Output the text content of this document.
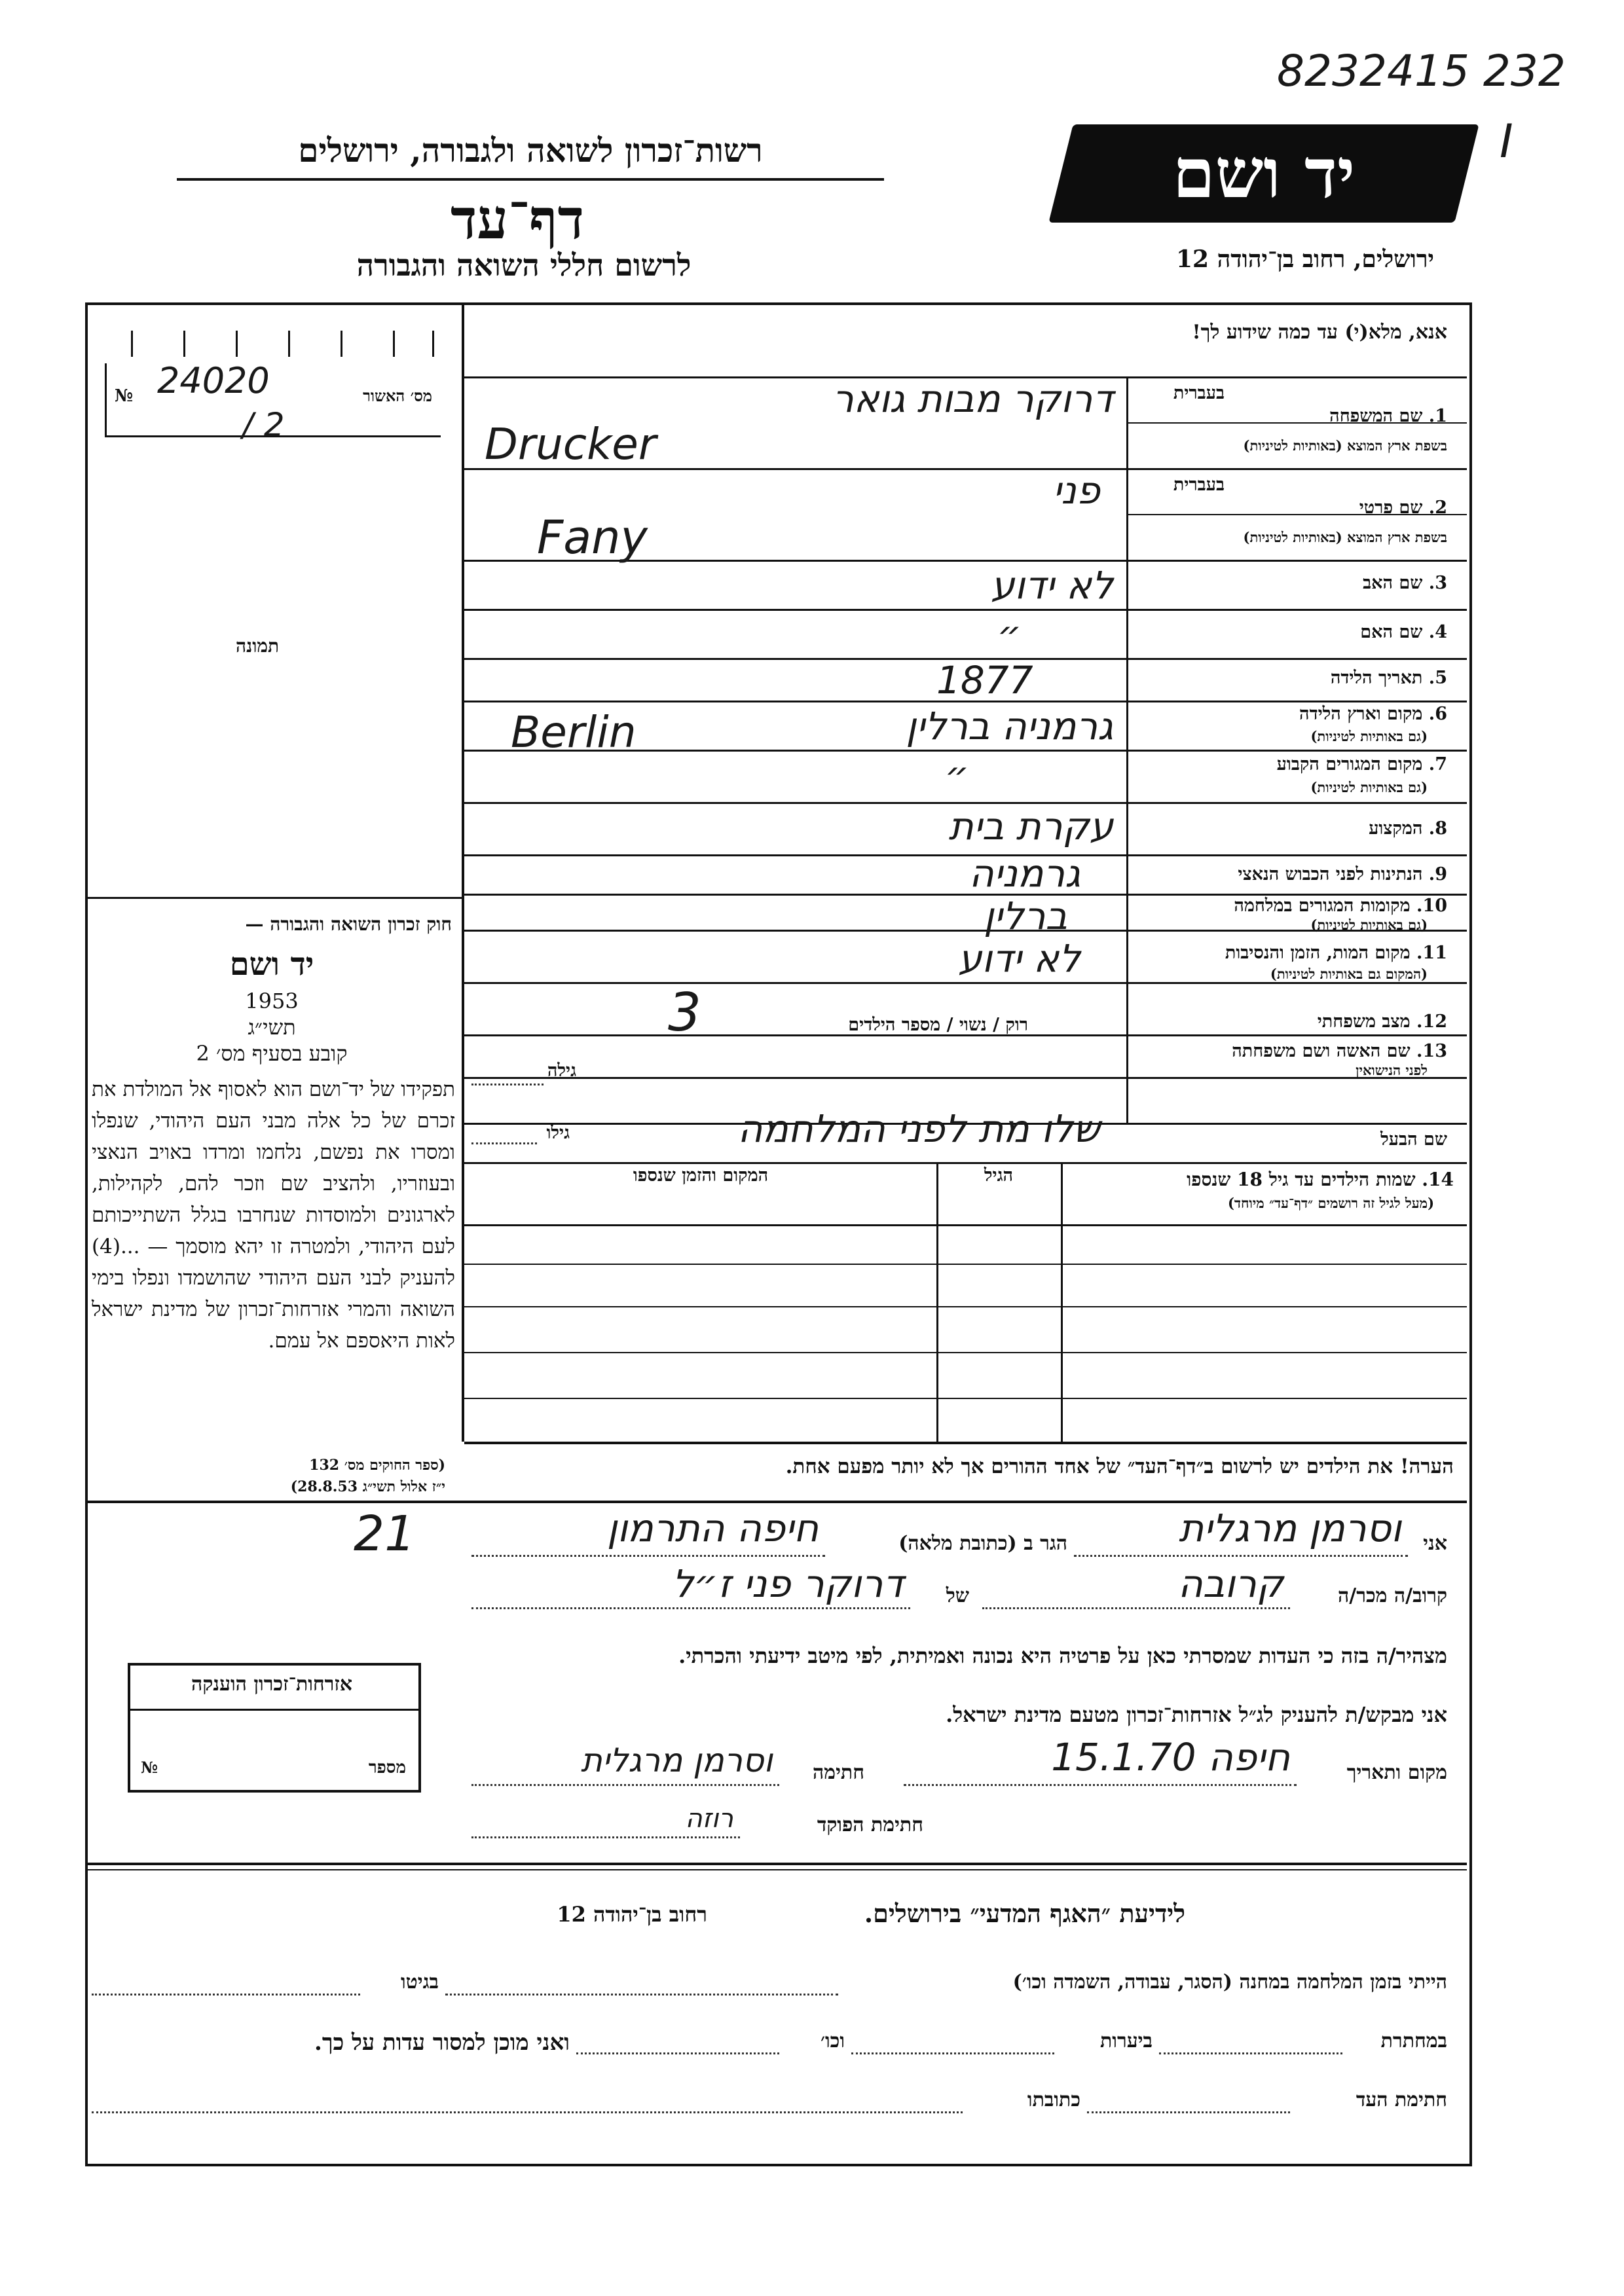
8232415 232
I
רשות־זכרון לשואה ולגבורה, ירושלים
דף־עד
לרשום חללי השואה והגבורה
יד ושם
ירושלים, רחוב בן־יהודה 12
אנא, מלא(י) עד כמה שידוע לך!
מס׳ האשור
№ 24020
/ 2
תמונה
חוק זכרון השואה והגבורה —
יד ושם
תשי״ג
1953
קובע בסעיף מס׳ 2
תפקידו של יד־ושם הוא לאסוף אל המולדת את זכרם של כל אלה מבני העם היהודי, שנפלו ומסרו את נפשם, נלחמו ומרדו באויב הנאצי ובעוזריו, ולהציב שם וזכר להם, לקהילות, לארגונים ולמוסדות שנחרבו בגלל השתייכותם לעם היהודי, ולמטרה זו יהא מוסמך — ...(4) להעניק לבני העם היהודי שהושמדו ונפלו בימי השואה והמרי אזרחות־זכרון של מדינת ישראל לאות היאספם אל עמם.
(ספר החוקים מס׳ 132
י״ז אלול תשי״ג 28.8.53)
1. שם המשפחה
בעברית
בשפת ארץ המוצא (באותיות לטיניות)
דרוקר מבות גואר
Drucker
2. שם פרטי
בעברית
בשפת ארץ המוצא (באותיות לטיניות)
פני
Fany
3. שם האב
לא ידוע
4. שם האם
״
5. תאריך הלידה
1877
6. מקום וארץ הלידה
(גם באותיות לטיניות)
גרמניה ברלין
Berlin
7. מקום המגורים הקבוע
(גם באותיות לטיניות)
״
8. המקצוע
עקרת בית
9. הנתינות לפני הכבוש הנאצי
גרמניה
10. מקומות המגורים במלחמה
(גם באותיות לטיניות)
ברלין
11. מקום המות, הזמן והנסיבות
(המקום גם באותיות לטיניות)
לא ידוע
12. מצב משפחתי
רוק / נשוי / מספר הילדים
3
13. שם האשה ושם משפחתה
לפני הנישואין
גילה
שם הבעל
שלו מת לפני המלחמה
גילו
14. שמות הילדים עד גיל 18 שנספו
(מעל לגיל זה רושמים ״דף־עד״ מיוחד)
הגיל
המקום והזמן שנספו
הערה! את הילדים יש לרשום ב״דף־העד״ של אחד ההורים אך לא יותר מפעם אחת.
אני
וסרמן מרגלית
הגר ב (כתובת מלאה)
חיפה התרמון
21
קרוב/ה מכר/ה
קרובה
של
דרוקר פני ז״ל
מצהיר/ה בזה כי העדות שמסרתי כאן על פרטיה היא נכונה ואמיתית, לפי מיטב ידיעתי והכרתי.
אני מבקש/ת להעניק לג״ל אזרחות־זכרון מטעם מדינת ישראל.
מקום ותאריך
חיפה 15.1.70
חתימה
וסרמן מרגלית
חתימת הפוקד
רוזה
אזרחות־זכרון הוענקה
מספר
№
לידיעת ״האגף המדעי״ בירושלים.
רחוב בן־יהודה 12
הייתי בזמן המלחמה במחנה (הסגר, עבודה, השמדה וכו׳)
בגיטו
במחתרת
ביערות
וכו׳
ואני מוכן למסור עדות על כך.
חתימת העד
כתובתו
